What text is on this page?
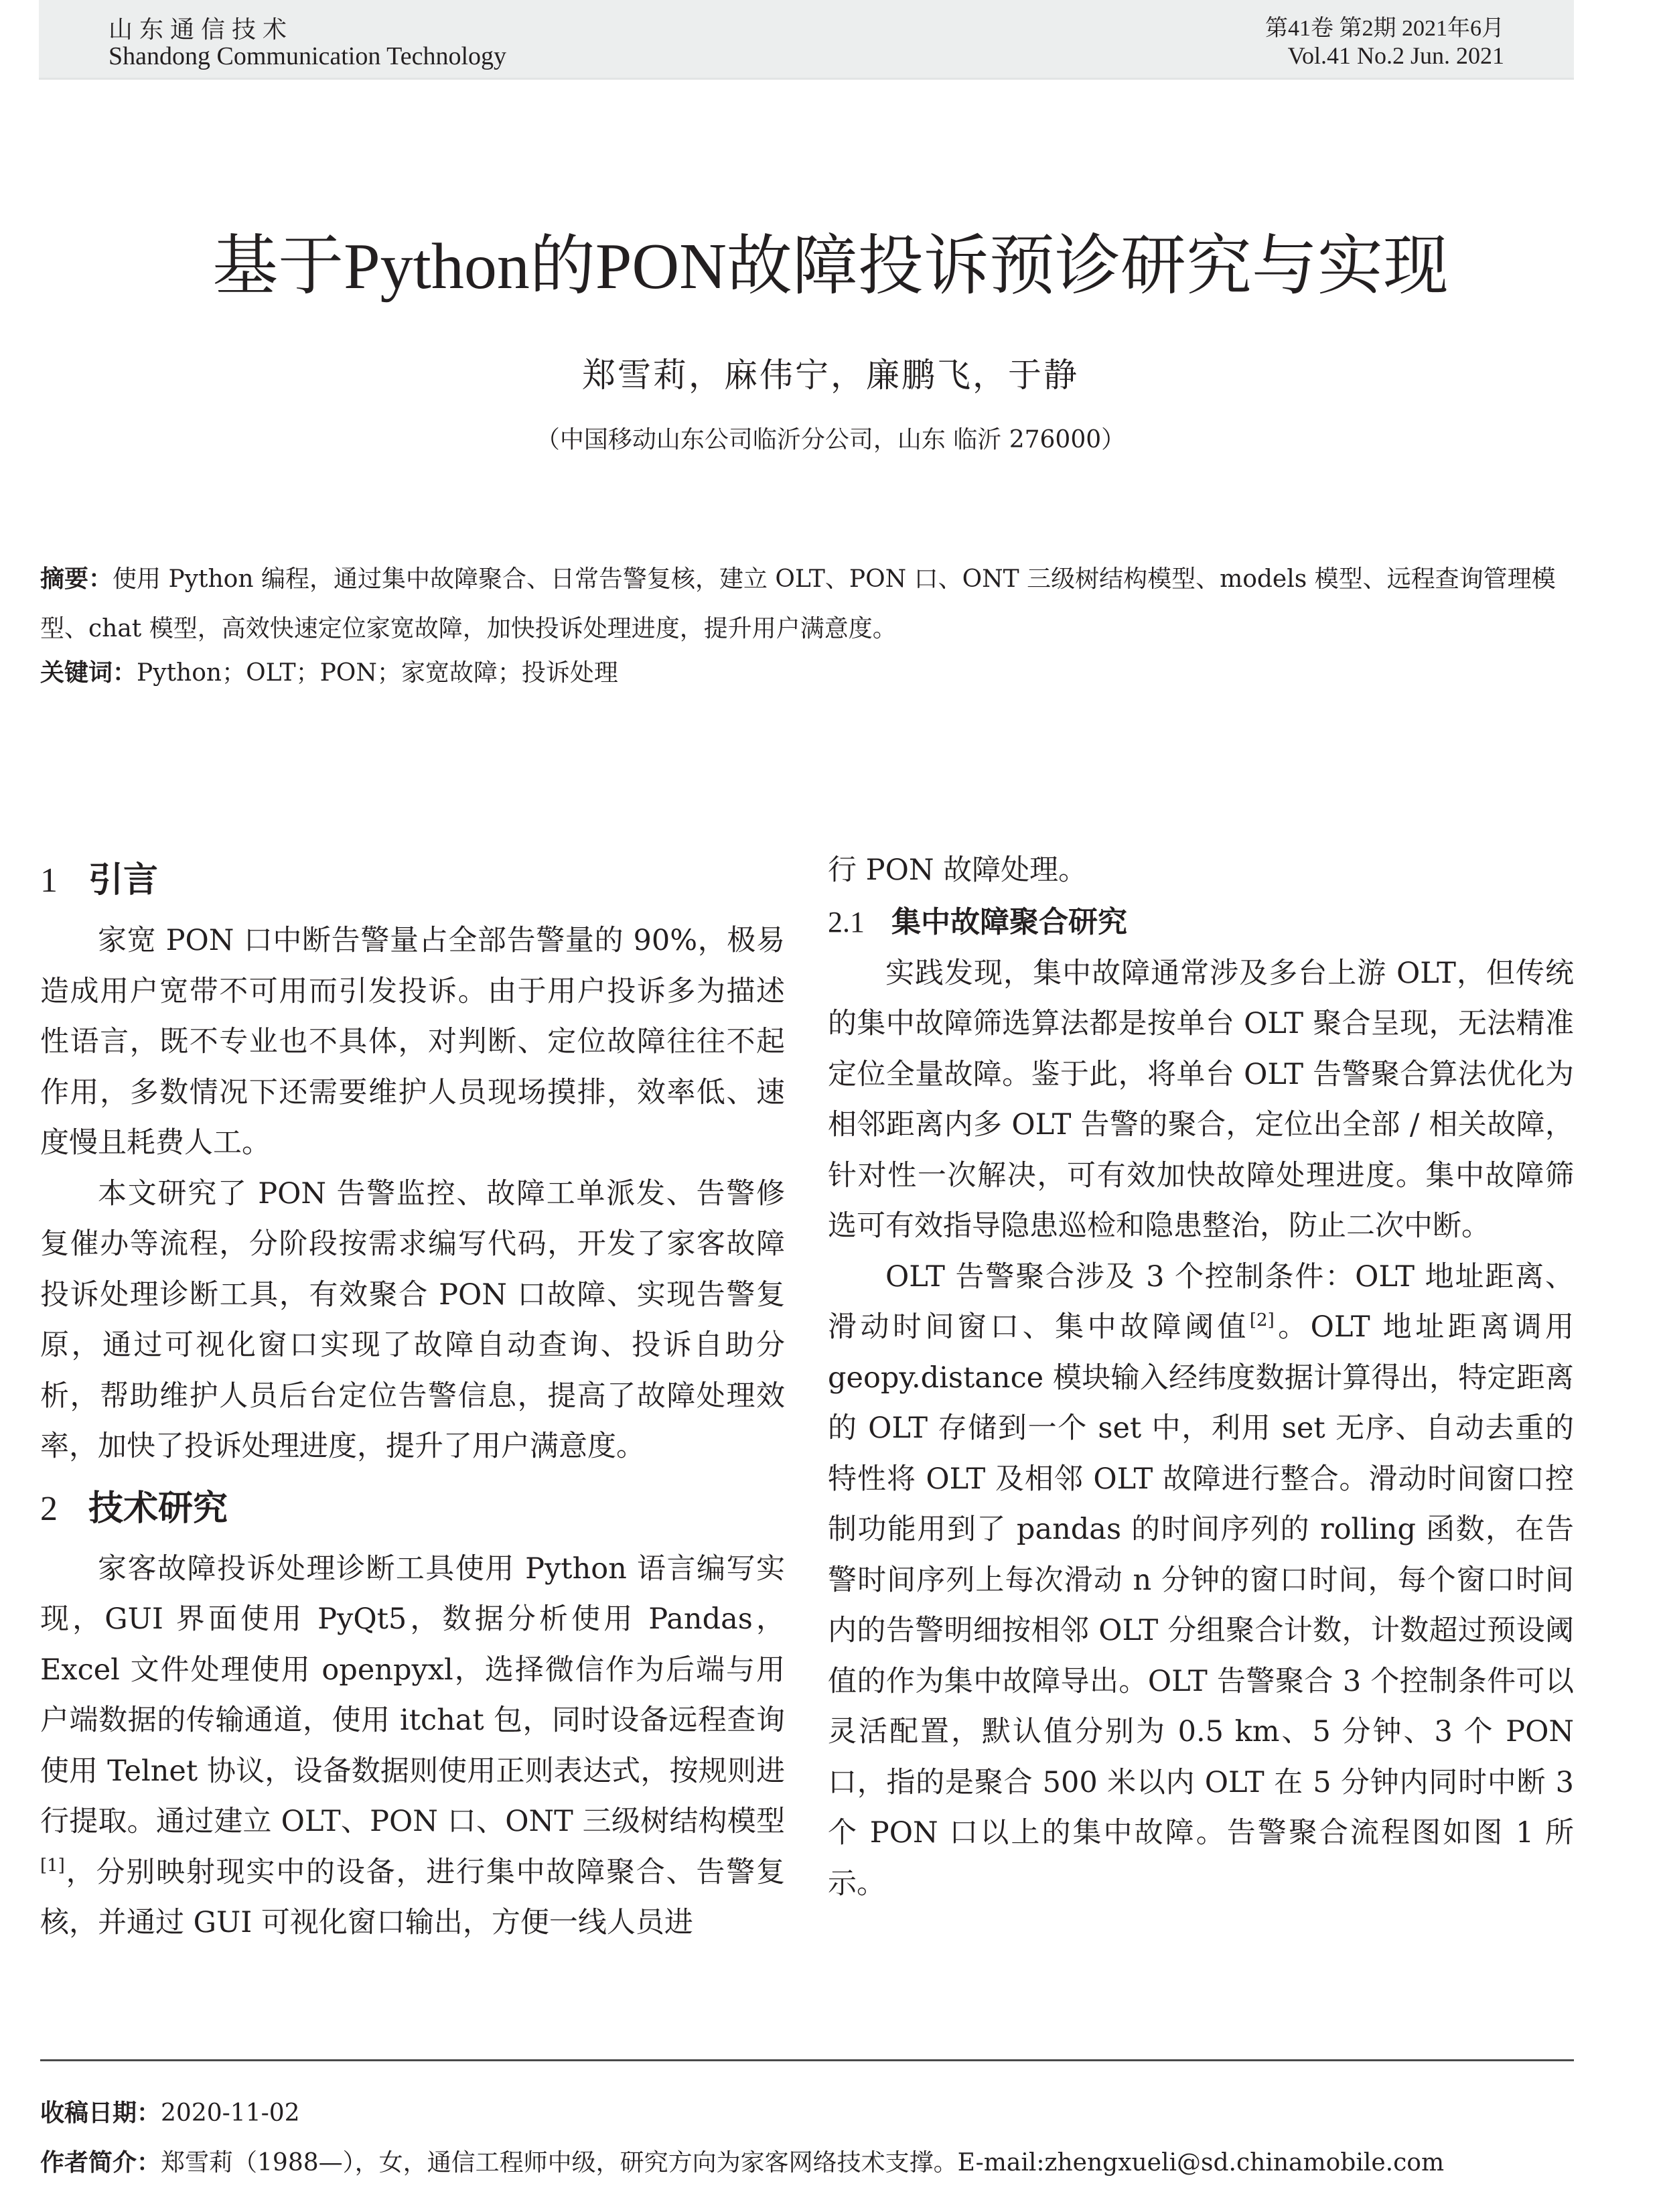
山东通信技术
Shandong Communication Technology
第41卷 第2期 2021年6月
Vol.41 No.2 Jun. 2021
基于Python的PON故障投诉预诊研究与实现
郑雪莉，麻伟宁，廉鹏飞，于静
（中国移动山东公司临沂分公司，山东 临沂 276000）
摘要：使用 Python 编程，通过集中故障聚合、日常告警复核，建立 OLT、PON 口、ONT 三级树结构模型、models 模型、远程查询管理模型、chat 模型，高效快速定位家宽故障，加快投诉处理进度，提升用户满意度。
关键词：Python；OLT；PON；家宽故障；投诉处理
1 引言

家宽 PON 口中断告警量占全部告警量的 90%，极易造成用户宽带不可用而引发投诉。由于用户投诉多为描述性语言，既不专业也不具体，对判断、定位故障往往不起作用，多数情况下还需要维护人员现场摸排，效率低、速度慢且耗费人工。

本文研究了 PON 告警监控、故障工单派发、告警修复催办等流程，分阶段按需求编写代码，开发了家客故障投诉处理诊断工具，有效聚合 PON 口故障、实现告警复原，通过可视化窗口实现了故障自动查询、投诉自助分析，帮助维护人员后台定位告警信息，提高了故障处理效率，加快了投诉处理进度，提升了用户满意度。

2 技术研究

家客故障投诉处理诊断工具使用 Python 语言编写实现，GUI 界面使用 PyQt5，数据分析使用 Pandas，Excel 文件处理使用 openpyxl，选择微信作为后端与用户端数据的传输通道，使用 itchat 包，同时设备远程查询使用 Telnet 协议，设备数据则使用正则表达式，按规则进行提取。通过建立 OLT、PON 口、ONT 三级树结构模型[1]，分别映射现实中的设备，进行集中故障聚合、告警复核，并通过 GUI 可视化窗口输出，方便一线人员进

行 PON 故障处理。

2.1 集中故障聚合研究

实践发现，集中故障通常涉及多台上游 OLT，但传统的集中故障筛选算法都是按单台 OLT 聚合呈现，无法精准定位全量故障。鉴于此，将单台 OLT 告警聚合算法优化为相邻距离内多 OLT 告警的聚合，定位出全部 / 相关故障，针对性一次解决，可有效加快故障处理进度。集中故障筛选可有效指导隐患巡检和隐患整治，防止二次中断。

OLT 告警聚合涉及 3 个控制条件：OLT 地址距离、滑动时间窗口、集中故障阈值[2]。OLT 地址距离调用 geopy.distance 模块输入经纬度数据计算得出，特定距离的 OLT 存储到一个 set 中，利用 set 无序、自动去重的特性将 OLT 及相邻 OLT 故障进行整合。滑动时间窗口控制功能用到了 pandas 的时间序列的 rolling 函数，在告警时间序列上每次滑动 n 分钟的窗口时间，每个窗口时间内的告警明细按相邻 OLT 分组聚合计数，计数超过预设阈值的作为集中故障导出。OLT 告警聚合 3 个控制条件可以灵活配置，默认值分别为 0.5 km、5 分钟、3 个 PON 口，指的是聚合 500 米以内 OLT 在 5 分钟内同时中断 3 个 PON 口以上的集中故障。告警聚合流程图如图 1 所示。

收稿日期：2020-11-02
作者简介：郑雪莉（1988—），女，通信工程师中级，研究方向为家客网络技术支撑。E-mail:zhengxueli@sd.chinamobile.com
